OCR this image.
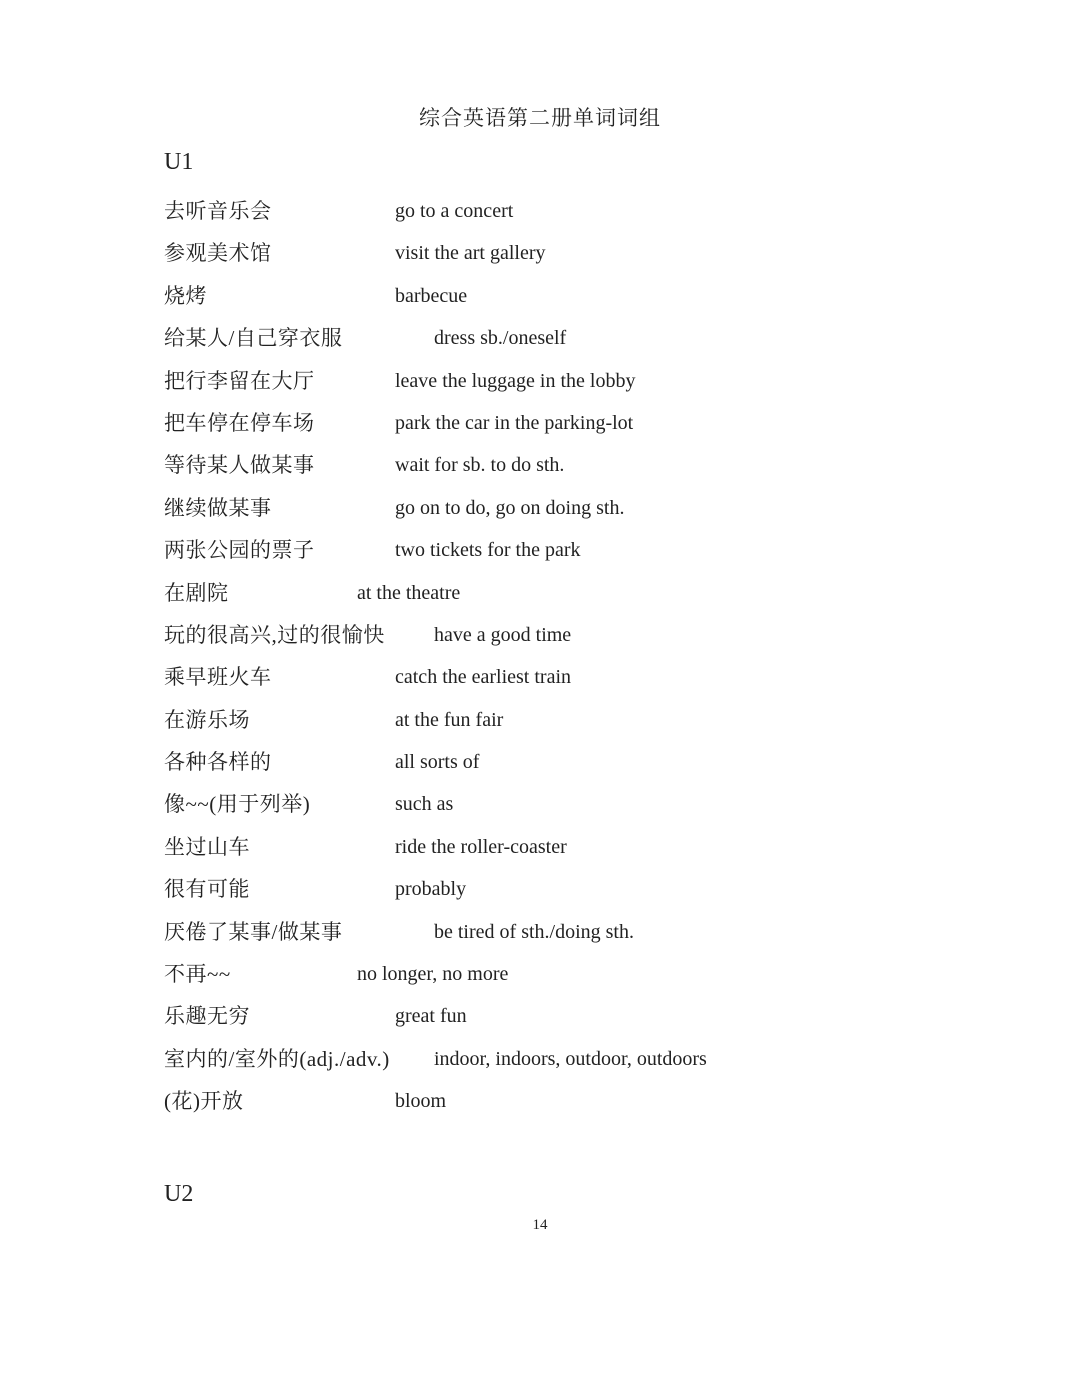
综合英语第二册单词词组
U1
去听音乐会	go to a concert
参观美术馆	visit the art gallery
烧烤	barbecue
给某人/自己穿衣服	dress sb./oneself
把行李留在大厅	leave the luggage in the lobby
把车停在停车场	park the car in the parking-lot
等待某人做某事	wait for sb. to do sth.
继续做某事	go on to do, go on doing sth.
两张公园的票子	two tickets for the park
在剧院	at the theatre
玩的很高兴,过的很愉快 have a good time
乘早班火车	catch the earliest train
在游乐场	at the fun fair
各种各样的	all sorts of
像~~(用于列举)	such as
坐过山车	ride the roller-coaster
很有可能	probably
厌倦了某事/做某事	be tired of sth./doing sth.
不再~~	no longer, no more
乐趣无穷	great fun
室内的/室外的(adj./adv.) indoor, indoors, outdoor, outdoors
(花)开放	bloom
U2
14
